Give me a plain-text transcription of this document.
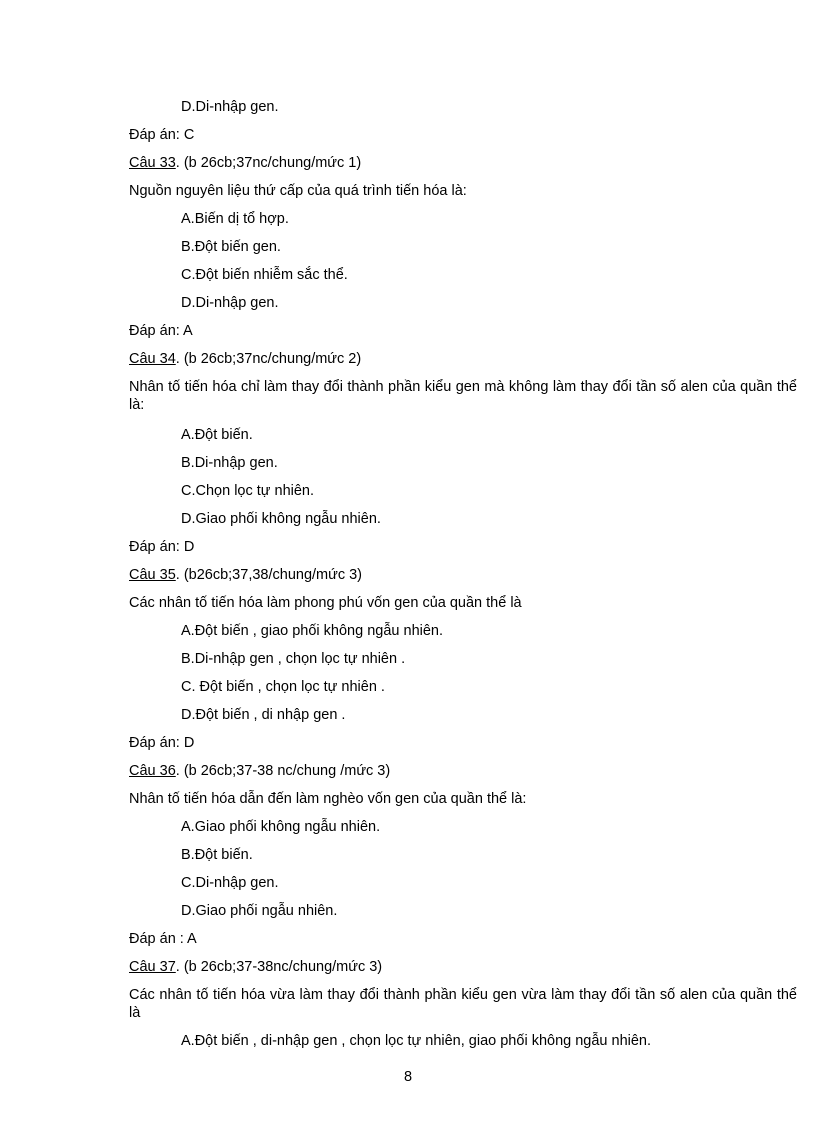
D.Di-nhập gen.
Đáp án: C
Câu 33. (b 26cb;37nc/chung/mức 1)
Nguồn nguyên liệu thứ cấp của quá trình tiến hóa là:
A.Biến dị tổ hợp.
B.Đột biến gen.
C.Đột biến nhiễm sắc thể.
D.Di-nhập gen.
Đáp án: A
Câu 34. (b 26cb;37nc/chung/mức 2)
Nhân tố tiến hóa chỉ làm thay đổi thành phần kiểu gen mà không làm thay đổi tần số alen của quần thể là:
A.Đột biến.
B.Di-nhập gen.
C.Chọn lọc tự nhiên.
D.Giao phối không ngẫu nhiên.
Đáp án: D
Câu 35. (b26cb;37,38/chung/mức 3)
Các nhân tố tiến hóa làm phong phú vốn gen của quần thể là
A.Đột biến , giao phối không ngẫu nhiên.
B.Di-nhập gen , chọn lọc tự nhiên .
C. Đột biến , chọn lọc tự nhiên .
D.Đột biến , di nhập gen .
Đáp án: D
Câu 36. (b 26cb;37-38 nc/chung /mức 3)
Nhân tố tiến hóa dẫn đến làm nghèo vốn gen của quần thể là:
A.Giao phối không ngẫu nhiên.
B.Đột biến.
C.Di-nhập gen.
D.Giao phối ngẫu nhiên.
Đáp án : A
Câu 37. (b 26cb;37-38nc/chung/mức 3)
Các nhân tố tiến hóa vừa làm thay đổi thành phần kiểu gen vừa làm thay đổi tần số alen của quần thể là
A.Đột biến , di-nhập gen , chọn lọc tự nhiên, giao phối không ngẫu nhiên.
8
